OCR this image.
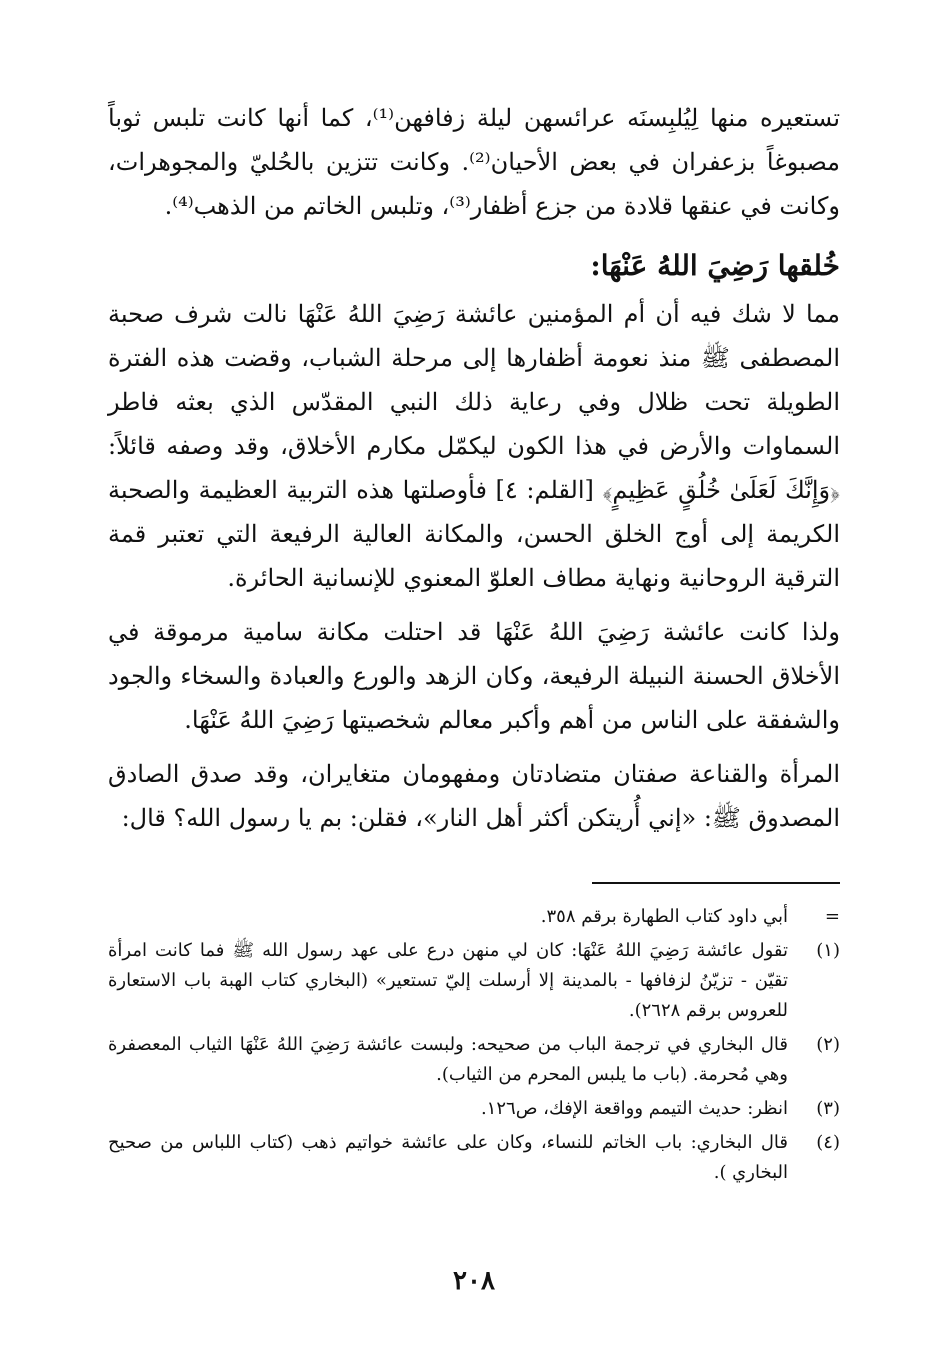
تستعيره منها لِيُلبِسنَه عرائسهن ليلة زفافهن⁽¹⁾، كما أنها كانت تلبس ثوباً مصبوغاً بزعفران في بعض الأحيان⁽²⁾. وكانت تتزين بالحُليّ والمجوهرات، وكانت في عنقها قلادة من جزع أظفار⁽³⁾، وتلبس الخاتم من الذهب⁽⁴⁾.

خُلقها رَضِيَ اللهُ عَنْهَا:

مما لا شك فيه أن أم المؤمنين عائشة رَضِيَ اللهُ عَنْهَا نالت شرف صحبة المصطفى ﷺ منذ نعومة أظفارها إلى مرحلة الشباب، وقضت هذه الفترة الطويلة تحت ظلال وفي رعاية ذلك النبي المقدّس الذي بعثه فاطر السماوات والأرض في هذا الكون ليكمّل مكارم الأخلاق، وقد وصفه قائلاً: ﴿وَإِنَّكَ لَعَلَىٰ خُلُقٍ عَظِيمٍ﴾ [القلم: ٤] فأوصلتها هذه التربية العظيمة والصحبة الكريمة إلى أوج الخلق الحسن، والمكانة العالية الرفيعة التي تعتبر قمة الترقية الروحانية ونهاية مطاف العلوّ المعنوي للإنسانية الحائرة.

ولذا كانت عائشة رَضِيَ اللهُ عَنْهَا قد احتلت مكانة سامية مرموقة في الأخلاق الحسنة النبيلة الرفيعة، وكان الزهد والورع والعبادة والسخاء والجود والشفقة على الناس من أهم وأكبر معالم شخصيتها رَضِيَ اللهُ عَنْهَا.

المرأة والقناعة صفتان متضادتان ومفهومان متغايران، وقد صدق الصادق المصدوق ﷺ: «إني أُريتكن أكثر أهل النار»، فقلن: بم يا رسول الله؟ قال:

=
أبي داود كتاب الطهارة برقم ٣٥٨.
(١)
تقول عائشة رَضِيَ اللهُ عَنْهَا: كان لي منهن درع على عهد رسول الله ﷺ فما كانت امرأة تقيّن - تزيّنُ لزفافها - بالمدينة إلا أرسلت إليّ تستعير» (البخاري كتاب الهبة باب الاستعارة للعروس برقم ٢٦٢٨).
(٢)
قال البخاري في ترجمة الباب من صحيحه: ولبست عائشة رَضِيَ اللهُ عَنْهَا الثياب المعصفرة وهي مُحرمة. (باب ما يلبس المحرم من الثياب).
(٣)
انظر: حديث التيمم وواقعة الإفك، ص١٢٦.
(٤)
قال البخاري: باب الخاتم للنساء، وكان على عائشة خواتيم ذهب (كتاب اللباس من صحيح البخاري ).
٢٠٨
